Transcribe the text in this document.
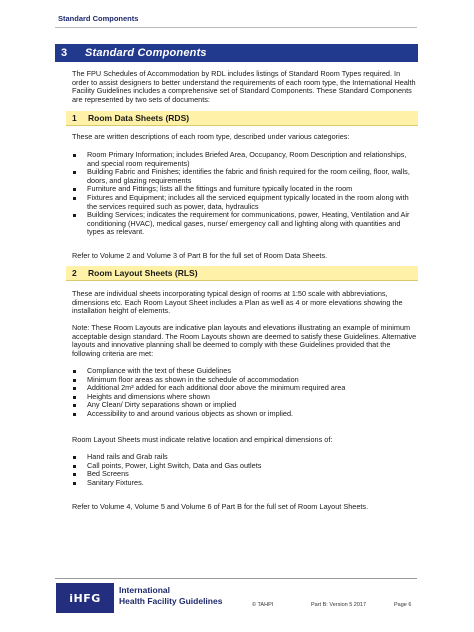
Standard Components
3	Standard Components

The FPU Schedules of Accommodation by RDL includes listings of Standard Room Types required. In order to assist designers to better understand the requirements of each room type, the International Health Facility Guidelines includes a comprehensive set of Standard Components. These Standard Components are represented by two sets of documents:

1	Room Data Sheets (RDS)

These are written descriptions of each room type, described under various categories:

Room Primary Information; includes Briefed Area, Occupancy, Room Description and relationships, and special room requirements)
Building Fabric and Finishes; identifies the fabric and finish required for the room ceiling, floor, walls, doors, and glazing requirements
Furniture and Fittings; lists all the fittings and furniture typically located in the room
Fixtures and Equipment; includes all the serviced equipment typically located in the room along with the services required such as power, data, hydraulics
Building Services; indicates the requirement for communications, power, Heating, Ventilation and Air conditioning (HVAC), medical gases, nurse/ emergency call and lighting along with quantities and types as relevant.

Refer to Volume 2 and Volume 3 of Part B for the full set of Room Data Sheets.

2	Room Layout Sheets (RLS)

These are individual sheets incorporating typical design of rooms at 1:50 scale with abbreviations, dimensions etc. Each Room Layout Sheet includes a Plan as well as 4 or more elevations showing the installation height of elements.

Note: These Room Layouts are indicative plan layouts and elevations illustrating an example of minimum acceptable design standard. The Room Layouts shown are deemed to satisfy these Guidelines. Alternative layouts and innovative planning shall be deemed to comply with these Guidelines provided that the following criteria are met:

Compliance with the text of these Guidelines
Minimum floor areas as shown in the schedule of accommodation
Additional 2m² added for each additional door above the minimum required area
Heights and dimensions where shown
Any Clean/ Dirty separations shown or implied
Accessibility to and around various objects as shown or implied.

Room Layout Sheets must indicate relative location and empirical dimensions of:

Hand rails and Grab rails
Call points, Power, Light Switch, Data and Gas outlets
Bed Screens
Sanitary Fixtures.

Refer to Volume 4, Volume 5 and Volume 6 of Part B for the full set of Room Layout Sheets.

iHFG
International
Health Facility Guidelines	© TAHPI	Part B: Version 5 2017	Page 6
